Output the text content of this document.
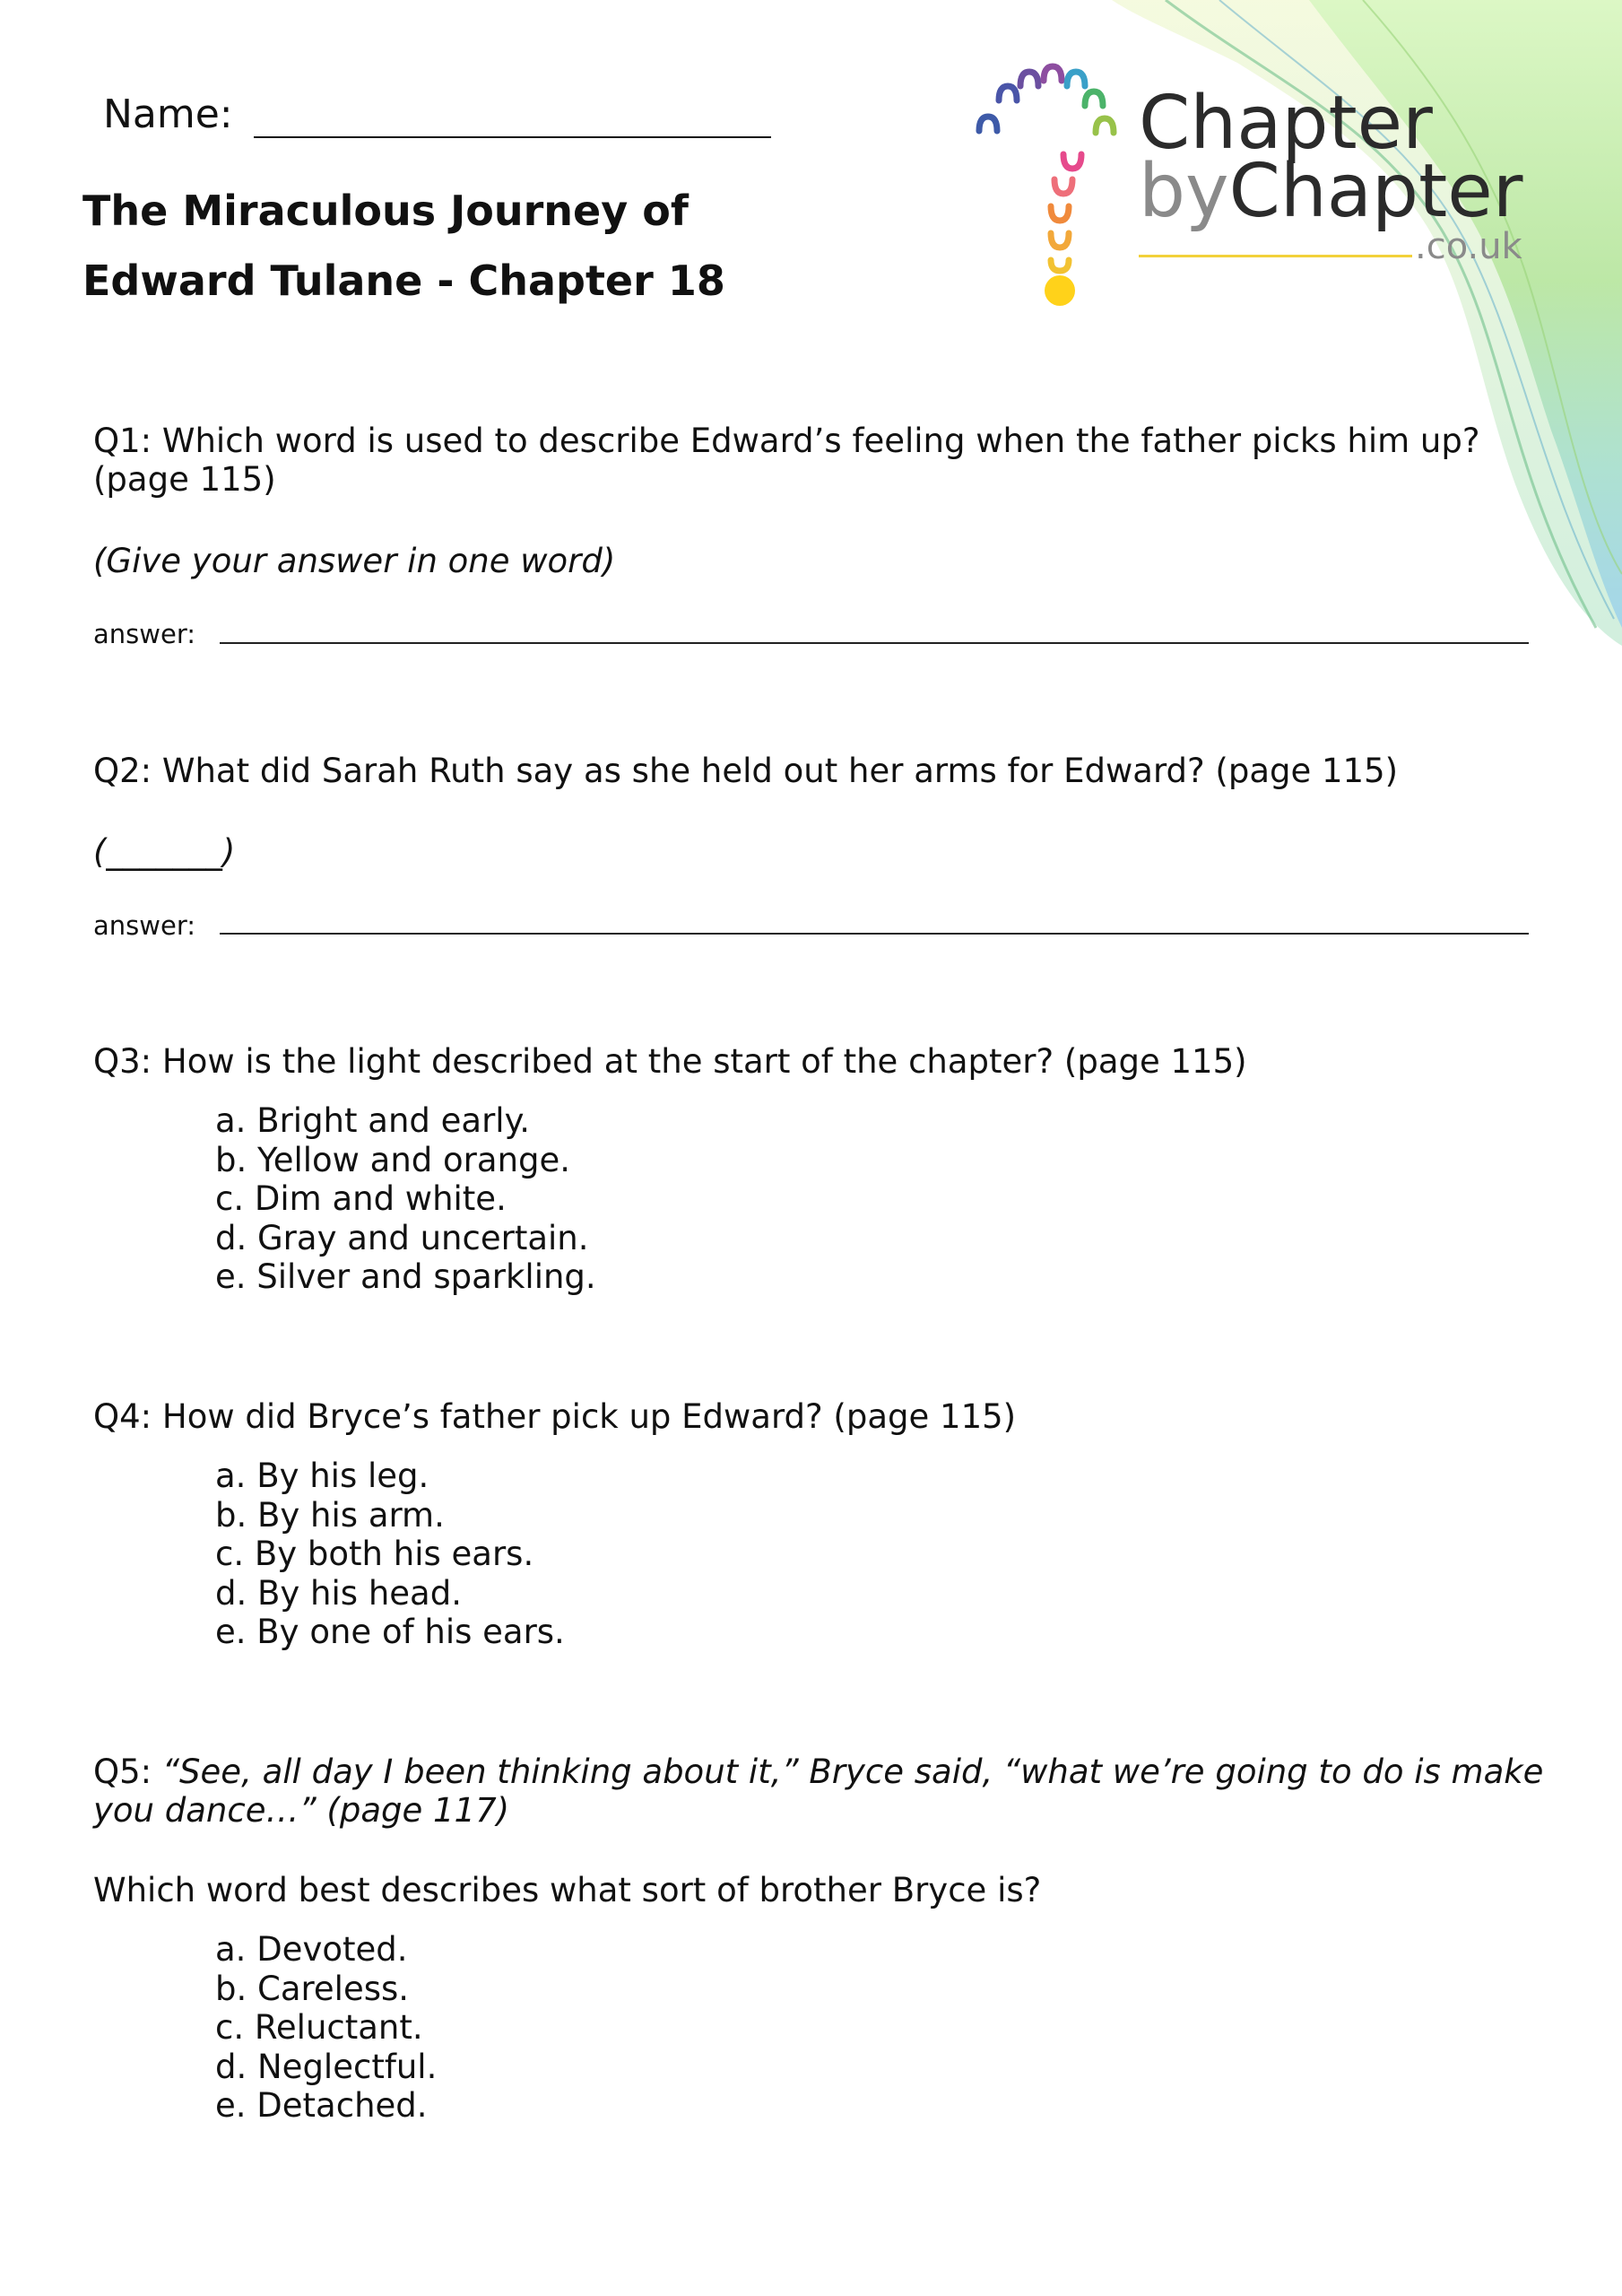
Name:
The Miraculous Journey of
Edward Tulane - Chapter 18
Chapter
byChapter
.co.uk
Q1: Which word is used to describe Edward’s feeling when the father picks him up?
(page 115)
(Give your answer in one word)
answer:
Q2: What did Sarah Ruth say as she held out her arms for Edward? (page 115)
(_______)
answer:
Q3: How is the light described at the start of the chapter? (page 115)
a. Bright and early.
b. Yellow and orange.
c. Dim and white.
d. Gray and uncertain.
e. Silver and sparkling.
Q4: How did Bryce’s father pick up Edward? (page 115)
a. By his leg.
b. By his arm.
c. By both his ears.
d. By his head.
e. By one of his ears.
Q5: “See, all day I been thinking about it,” Bryce said, “what we’re going to do is make
you dance…” (page 117)
Which word best describes what sort of brother Bryce is?
a. Devoted.
b. Careless.
c. Reluctant.
d. Neglectful.
e. Detached.
